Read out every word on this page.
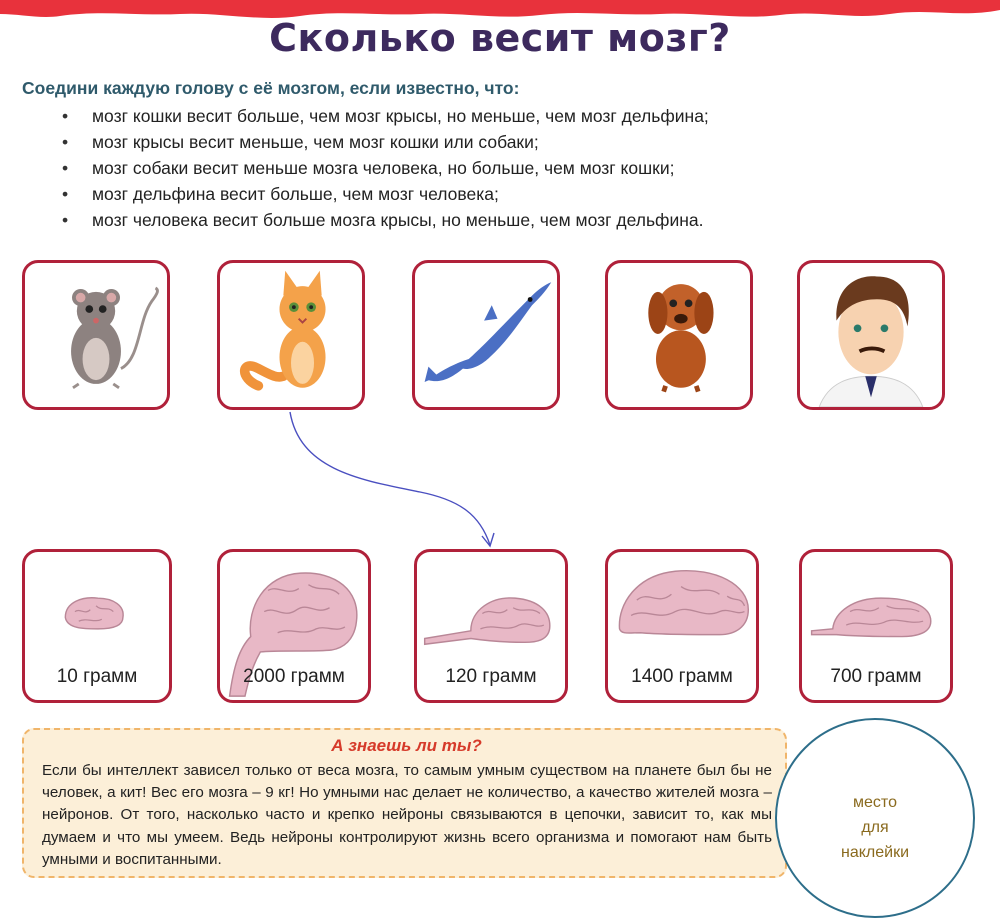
Сколько весит мозг?
Соедини каждую голову с её мозгом, если известно, что:
• мозг кошки весит больше, чем мозг крысы, но меньше, чем мозг дельфина;
• мозг крысы весит меньше, чем мозг кошки или собаки;
• мозг собаки весит меньше мозга человека, но больше, чем мозг кошки;
• мозг дельфина весит больше, чем мозг человека;
• мозг человека весит больше мозга крысы, но меньше, чем мозг дельфина.
10 грамм	2000 грамм	120 грамм	1400 грамм	700 грамм
А знаешь ли ты?
Если бы интеллект зависел только от веса мозга, то самым умным существом на планете был бы не человек, а кит! Вес его мозга – 9 кг! Но умными нас делает не количество, а качество жителей мозга – нейронов. От того, насколько часто и крепко нейроны связываются в цепочки, зависит то, как мы думаем и что мы умеем. Ведь нейроны контролируют жизнь всего организма и помогают нам быть умными и воспитанными.
место
для
наклейки
